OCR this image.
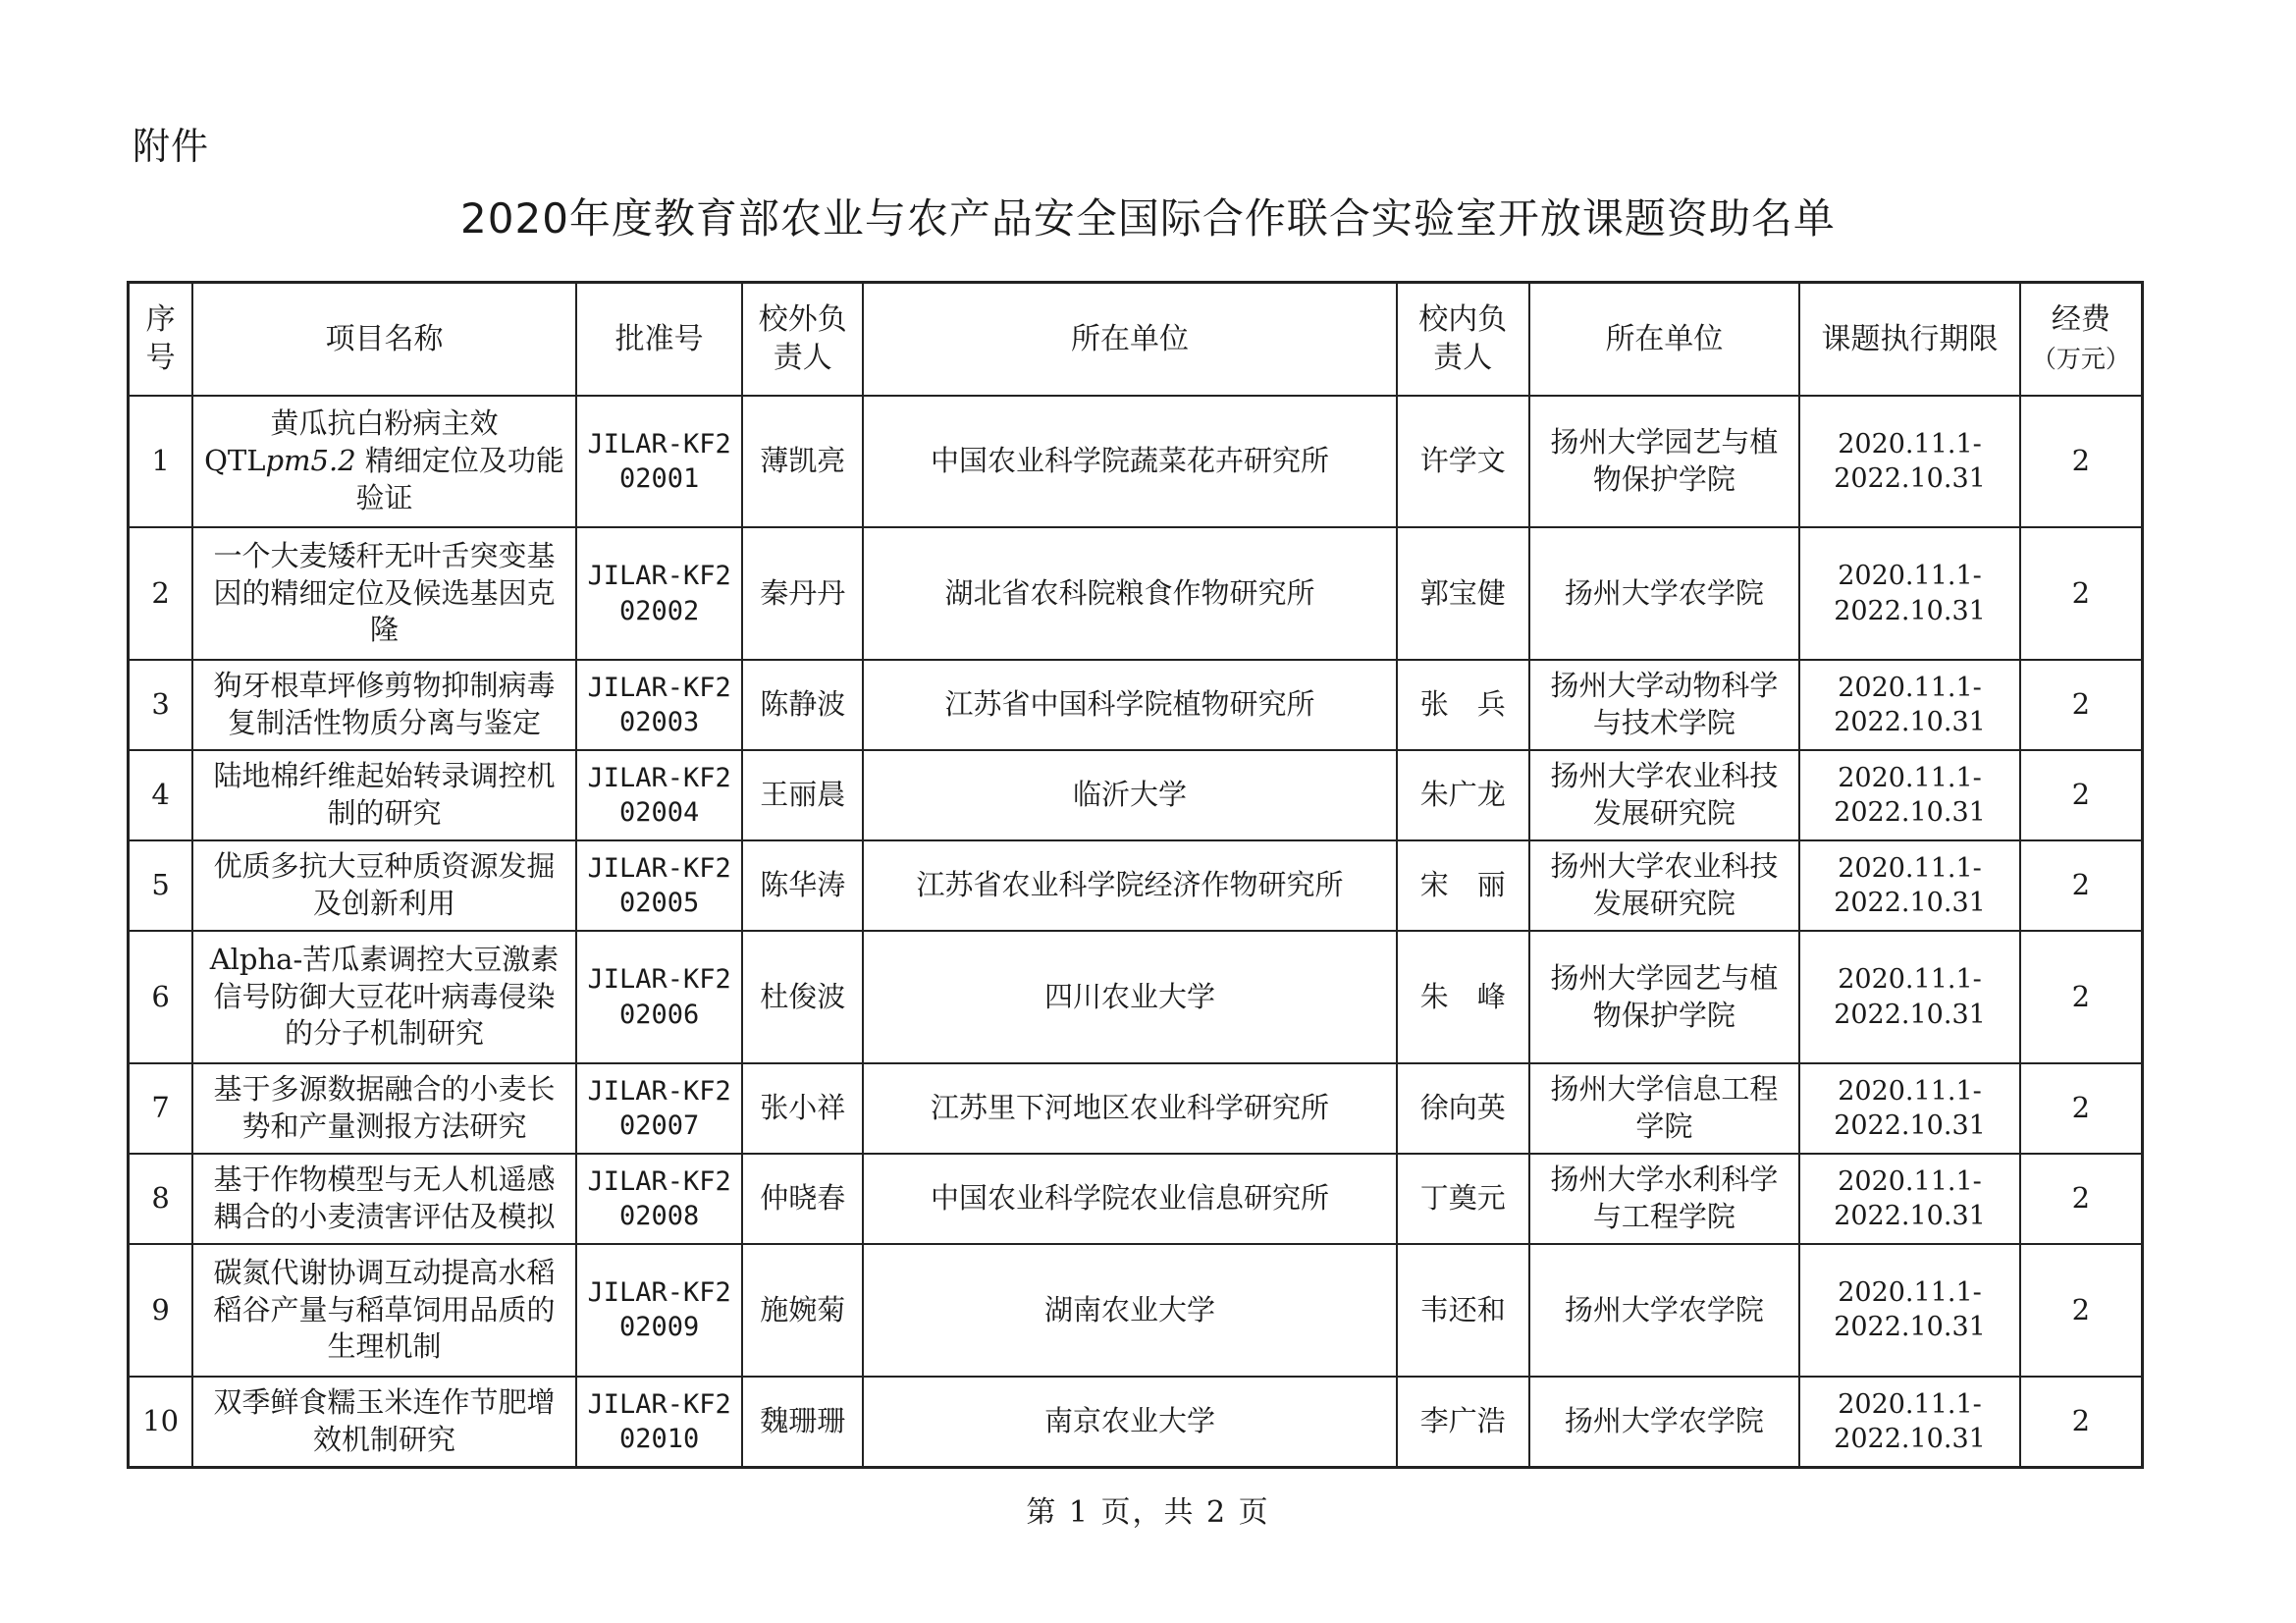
附件
2020年度教育部农业与农产品安全国际合作联合实验室开放课题资助名单
序号	项目名称	批准号	校外负责人	所在单位	校内负责人	所在单位	课题执行期限	经费
（万元）
1	黄瓜抗白粉病主效QTLpm5.2 精细定位及功能验证	JILAR-KF202001	薄凯亮	中国农业科学院蔬菜花卉研究所	许学文	扬州大学园艺与植物保护学院	2020.11.1-2022.10.31	2
2	一个大麦矮秆无叶舌突变基因的精细定位及候选基因克隆	JILAR-KF202002	秦丹丹	湖北省农科院粮食作物研究所	郭宝健	扬州大学农学院	2020.11.1-2022.10.31	2
3	狗牙根草坪修剪物抑制病毒复制活性物质分离与鉴定	JILAR-KF202003	陈静波	江苏省中国科学院植物研究所	张　兵	扬州大学动物科学与技术学院	2020.11.1-2022.10.31	2
4	陆地棉纤维起始转录调控机制的研究	JILAR-KF202004	王丽晨	临沂大学	朱广龙	扬州大学农业科技发展研究院	2020.11.1-2022.10.31	2
5	优质多抗大豆种质资源发掘及创新利用	JILAR-KF202005	陈华涛	江苏省农业科学院经济作物研究所	宋　丽	扬州大学农业科技发展研究院	2020.11.1-2022.10.31	2
6	Alpha-苦瓜素调控大豆激素信号防御大豆花叶病毒侵染的分子机制研究	JILAR-KF202006	杜俊波	四川农业大学	朱　峰	扬州大学园艺与植物保护学院	2020.11.1-2022.10.31	2
7	基于多源数据融合的小麦长势和产量测报方法研究	JILAR-KF202007	张小祥	江苏里下河地区农业科学研究所	徐向英	扬州大学信息工程学院	2020.11.1-2022.10.31	2
8	基于作物模型与无人机遥感耦合的小麦渍害评估及模拟	JILAR-KF202008	仲晓春	中国农业科学院农业信息研究所	丁奠元	扬州大学水利科学与工程学院	2020.11.1-2022.10.31	2
9	碳氮代谢协调互动提高水稻稻谷产量与稻草饲用品质的生理机制	JILAR-KF202009	施婉菊	湖南农业大学	韦还和	扬州大学农学院	2020.11.1-2022.10.31	2
10	双季鲜食糯玉米连作节肥增效机制研究	JILAR-KF202010	魏珊珊	南京农业大学	李广浩	扬州大学农学院	2020.11.1-2022.10.31	2
第 1 页，共 2 页
